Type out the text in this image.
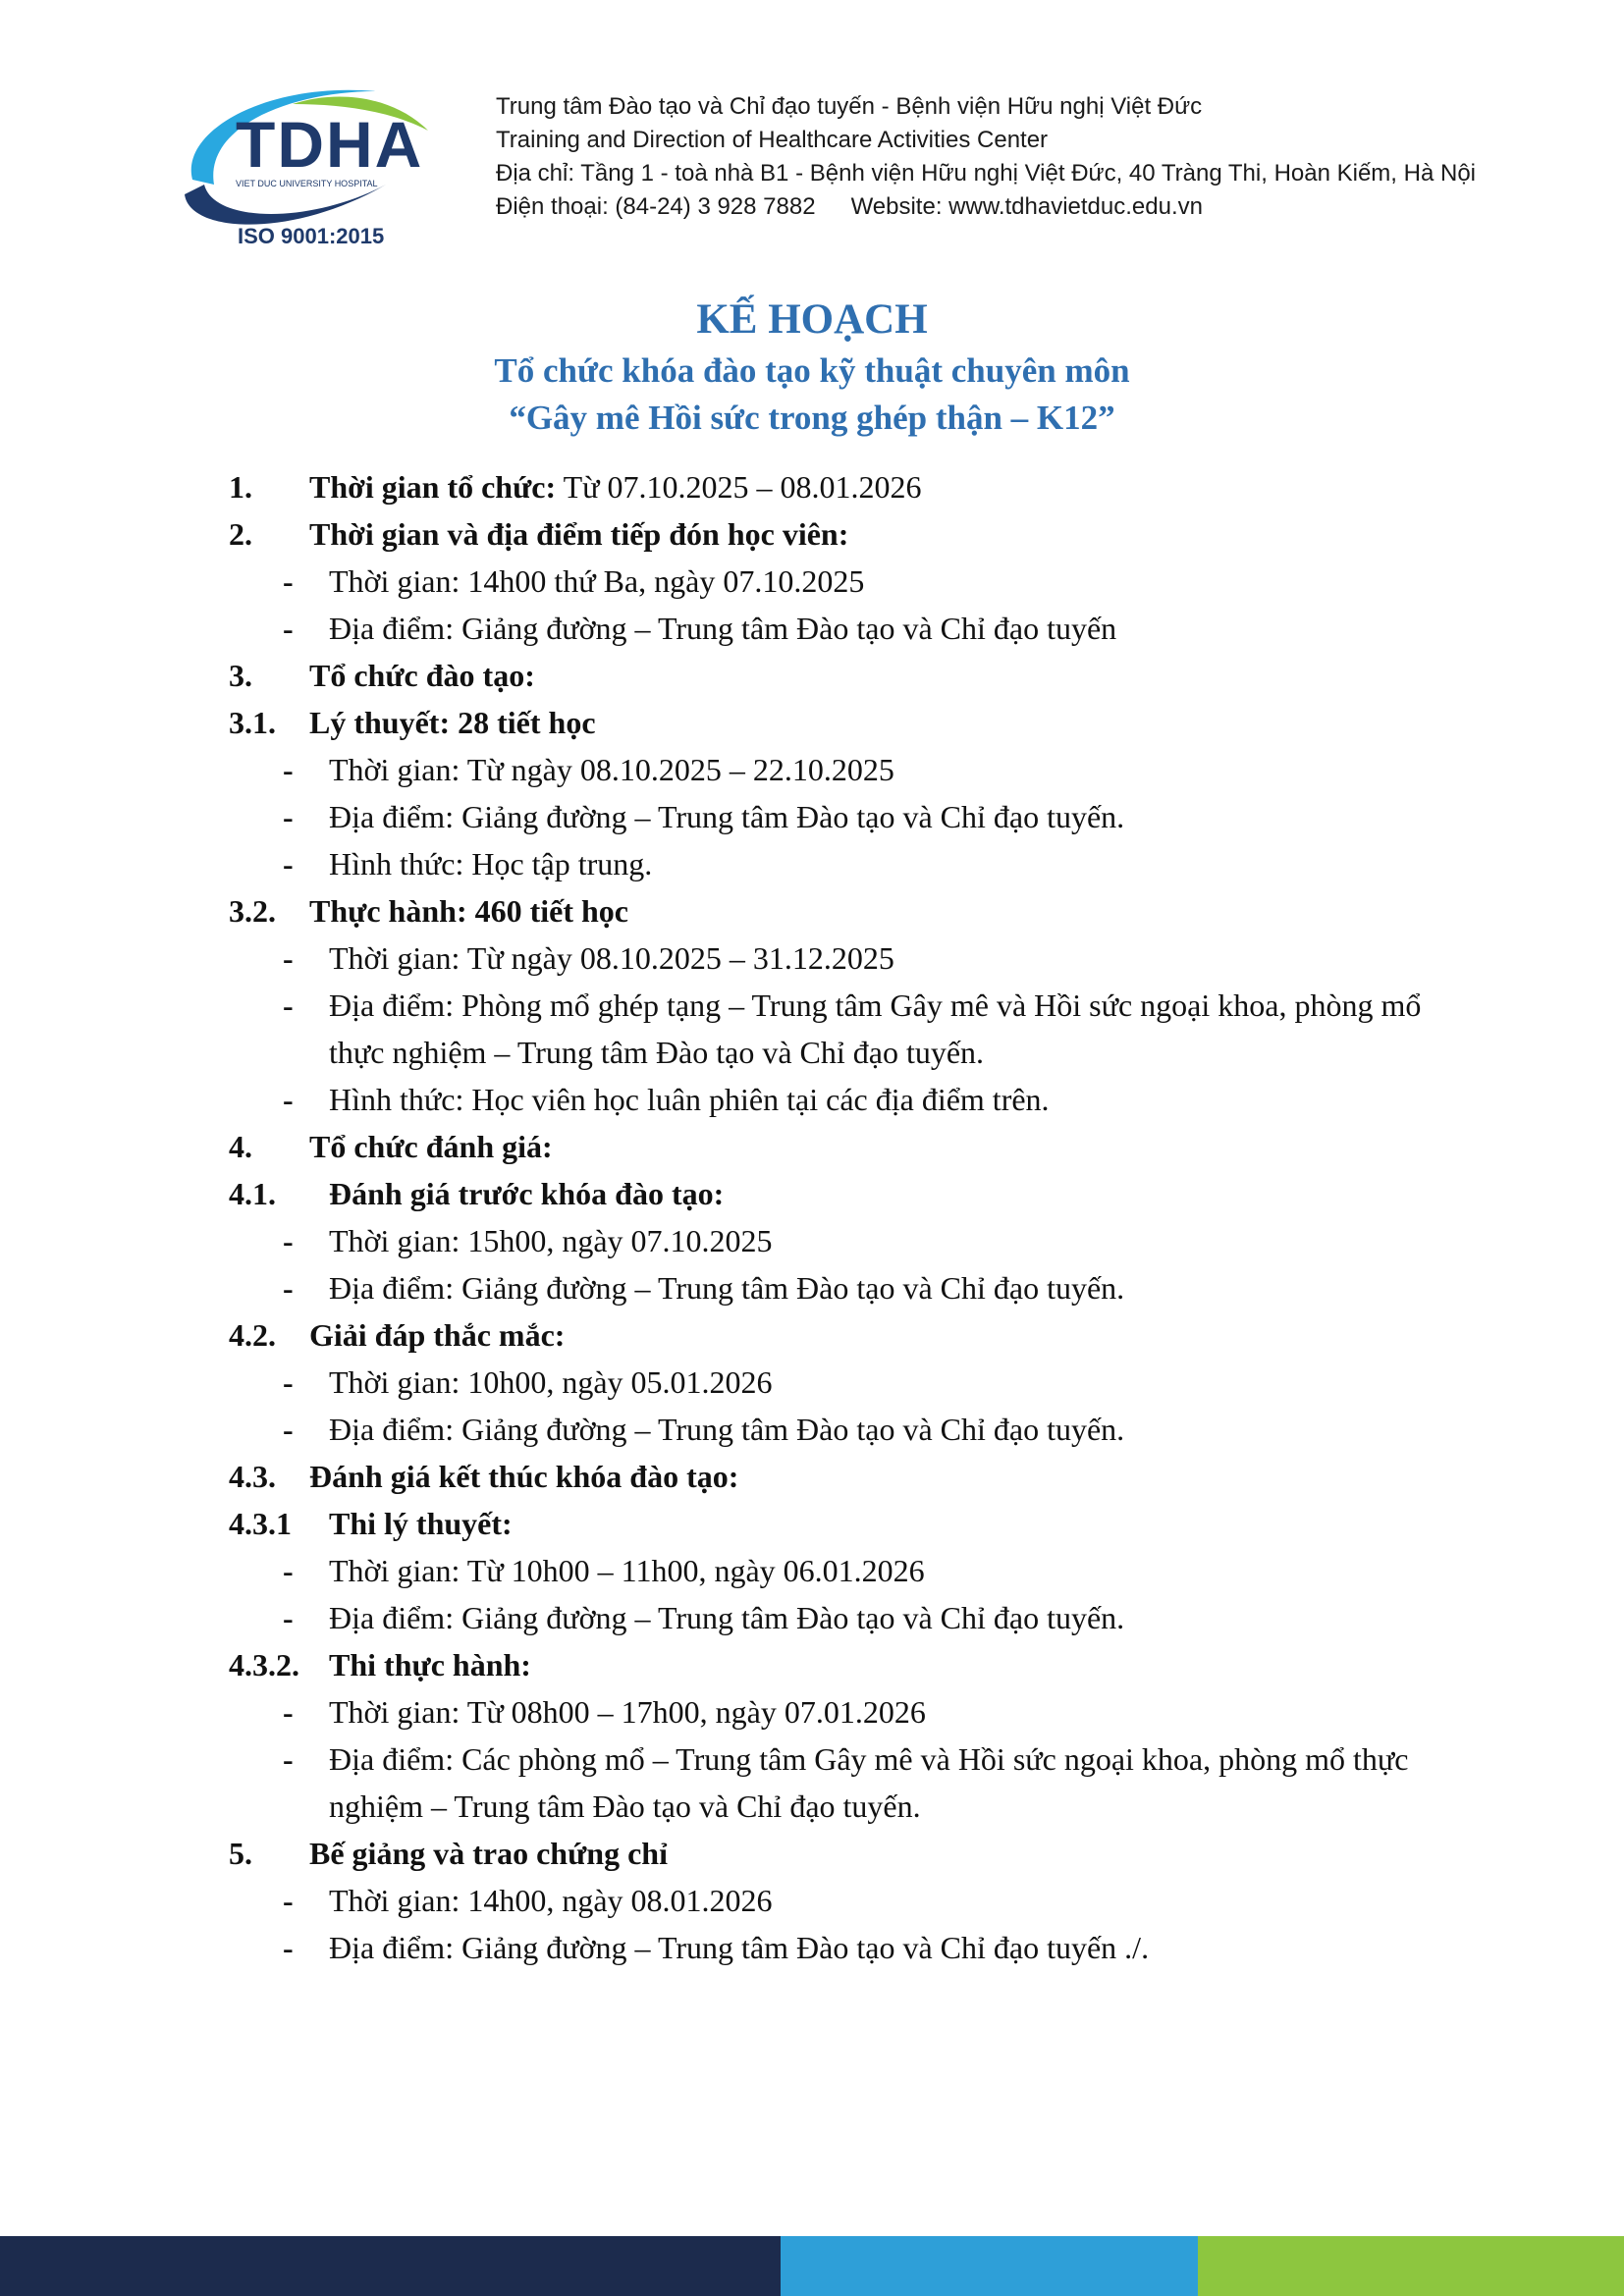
TDHA
VIET DUC UNIVERSITY HOSPITAL
ISO 9001:2015
Trung tâm Đào tạo và Chỉ đạo tuyến - Bệnh viện Hữu nghị Việt Đức
Training and Direction of Healthcare Activities Center
Địa chỉ: Tầng 1 - toà nhà B1 - Bệnh viện Hữu nghị Việt Đức, 40 Tràng Thi, Hoàn Kiếm, Hà Nội
Điện thoại: (84-24) 3 928 7882 Website: www.tdhavietduc.edu.vn
KẾ HOẠCH
Tổ chức khóa đào tạo kỹ thuật chuyên môn
“Gây mê Hồi sức trong ghép thận – K12”
1. Thời gian tổ chức: Từ 07.10.2025 – 08.01.2026
2. Thời gian và địa điểm tiếp đón học viên:
- Thời gian: 14h00 thứ Ba, ngày 07.10.2025
- Địa điểm: Giảng đường – Trung tâm Đào tạo và Chỉ đạo tuyến
3. Tổ chức đào tạo:
3.1. Lý thuyết: 28 tiết học
- Thời gian: Từ ngày 08.10.2025 – 22.10.2025
- Địa điểm: Giảng đường – Trung tâm Đào tạo và Chỉ đạo tuyến.
- Hình thức: Học tập trung.
3.2. Thực hành: 460 tiết học
- Thời gian: Từ ngày 08.10.2025 – 31.12.2025
- Địa điểm: Phòng mổ ghép tạng – Trung tâm Gây mê và Hồi sức ngoại khoa, phòng mổ thực nghiệm – Trung tâm Đào tạo và Chỉ đạo tuyến.
- Hình thức: Học viên học luân phiên tại các địa điểm trên.
4. Tổ chức đánh giá:
4.1. Đánh giá trước khóa đào tạo:
- Thời gian: 15h00, ngày 07.10.2025
- Địa điểm: Giảng đường – Trung tâm Đào tạo và Chỉ đạo tuyến.
4.2. Giải đáp thắc mắc:
- Thời gian: 10h00, ngày 05.01.2026
- Địa điểm: Giảng đường – Trung tâm Đào tạo và Chỉ đạo tuyến.
4.3. Đánh giá kết thúc khóa đào tạo:
4.3.1 Thi lý thuyết:
- Thời gian: Từ 10h00 – 11h00, ngày 06.01.2026
- Địa điểm: Giảng đường – Trung tâm Đào tạo và Chỉ đạo tuyến.
4.3.2. Thi thực hành:
- Thời gian: Từ 08h00 – 17h00, ngày 07.01.2026
- Địa điểm: Các phòng mổ – Trung tâm Gây mê và Hồi sức ngoại khoa, phòng mổ thực nghiệm – Trung tâm Đào tạo và Chỉ đạo tuyến.
5. Bế giảng và trao chứng chỉ
- Thời gian: 14h00, ngày 08.01.2026
- Địa điểm: Giảng đường – Trung tâm Đào tạo và Chỉ đạo tuyến ./.
